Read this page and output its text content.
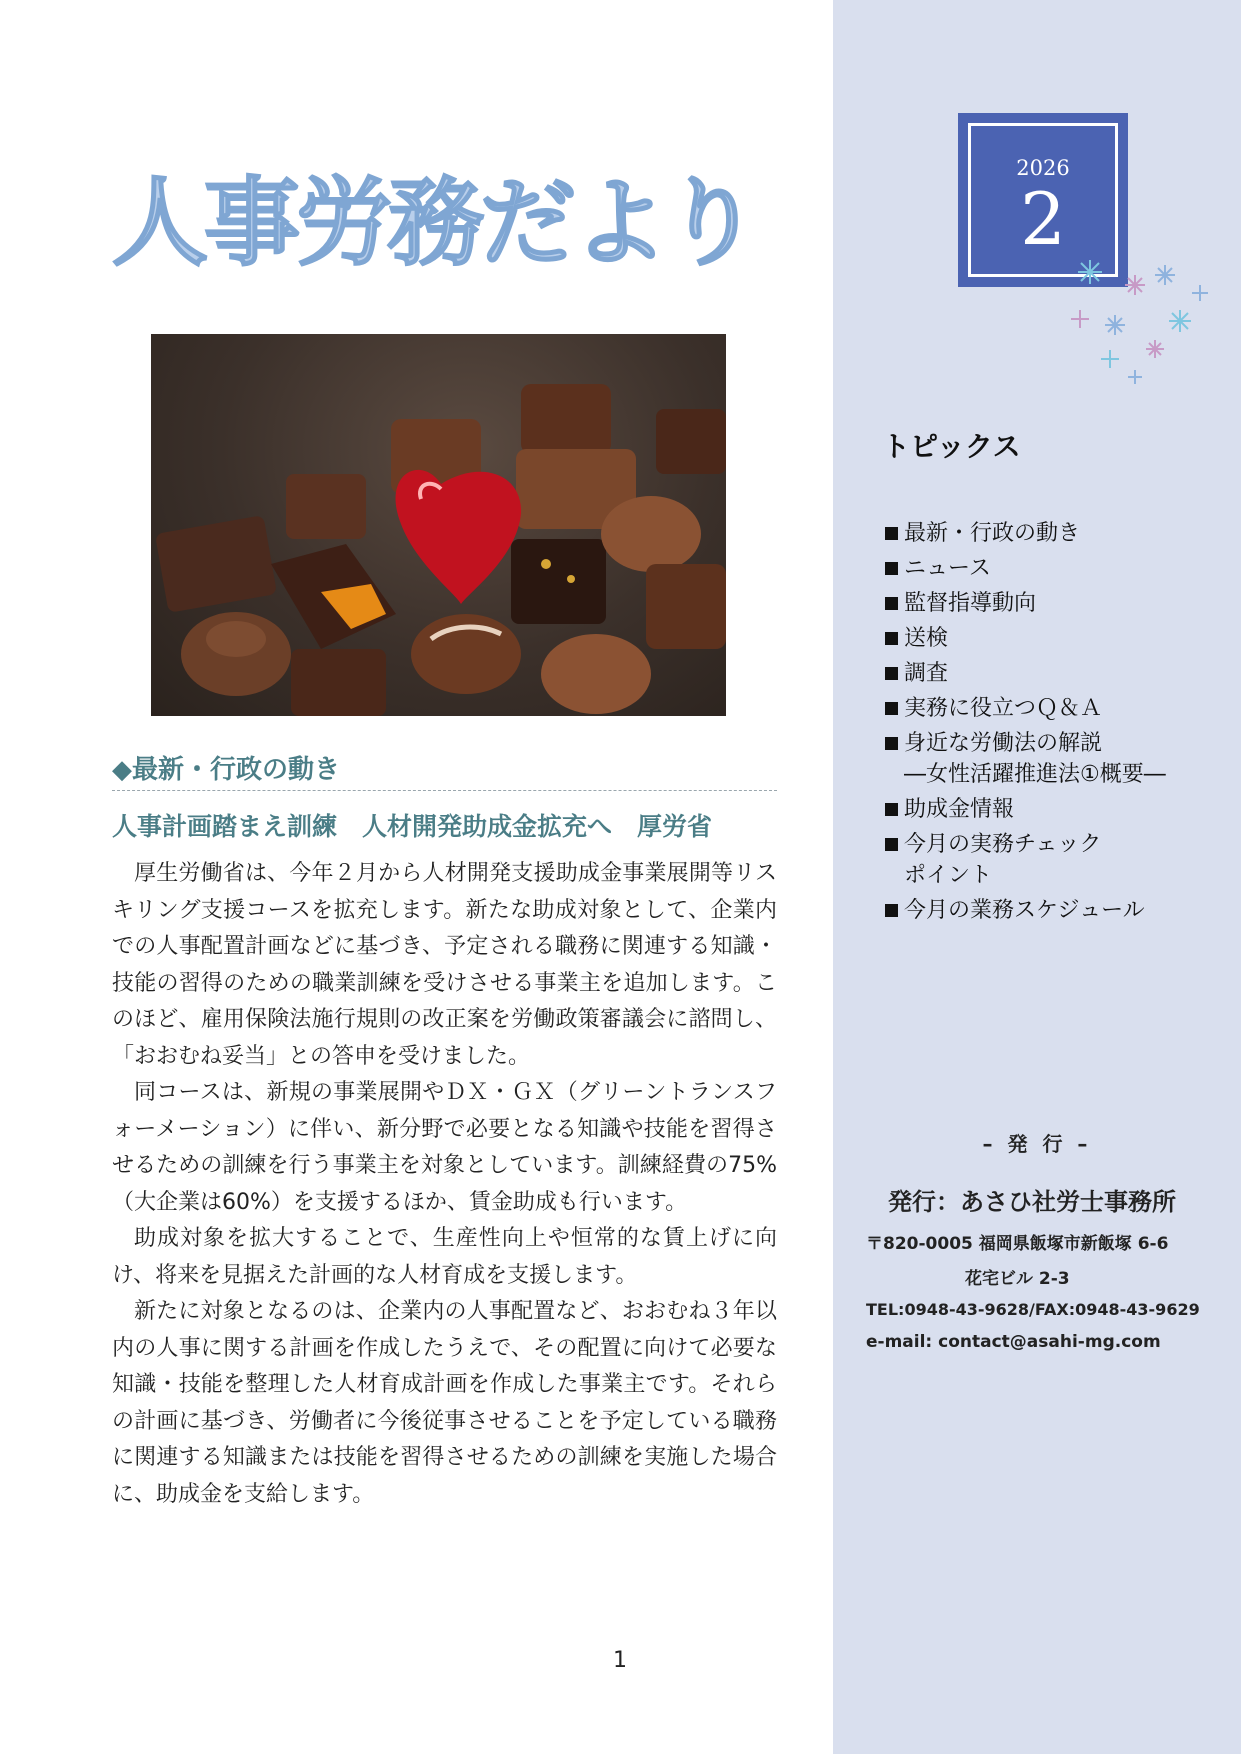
人事労務だより	2026
2
◆最新・行政の動き
人事計画踏まえ訓練　人材開発助成金拡充へ　厚労省

厚生労働省は、今年２月から人材開発支援助成金事業展開等リスキリング支援コースを拡充します。新たな助成対象として、企業内での人事配置計画などに基づき、予定される職務に関連する知識・技能の習得のための職業訓練を受けさせる事業主を追加します。このほど、雇用保険法施行規則の改正案を労働政策審議会に諮問し、「おおむね妥当」との答申を受けました。

同コースは、新規の事業展開やＤＸ・ＧＸ（グリーントランスフォーメーション）に伴い、新分野で必要となる知識や技能を習得させるための訓練を行う事業主を対象としています。訓練経費の75%（大企業は60%）を支援するほか、賃金助成も行います。

助成対象を拡大することで、生産性向上や恒常的な賃上げに向け、将来を見据えた計画的な人材育成を支援します。

新たに対象となるのは、企業内の人事配置など、おおむね３年以内の人事に関する計画を作成したうえで、その配置に向けて必要な知識・技能を整理した人材育成計画を作成した事業主です。それらの計画に基づき、労働者に今後従事させることを予定している職務に関連する知識または技能を習得させるための訓練を実施した場合に、助成金を支給します。

1
トピックス
最新・行政の動き
ニュース
監督指導動向
送検
調査
実務に役立つＱ＆Ａ
身近な労働法の解説
―女性活躍推進法①概要―
助成金情報
今月の実務チェック
ポイント
今月の業務スケジュール
– 発 行 –
発行：あさひ社労士事務所
〒820-0005 福岡県飯塚市新飯塚 6-6
花宅ビル 2-3
TEL:0948-43-9628/FAX:0948-43-9629
e-mail: contact@asahi-mg.com
